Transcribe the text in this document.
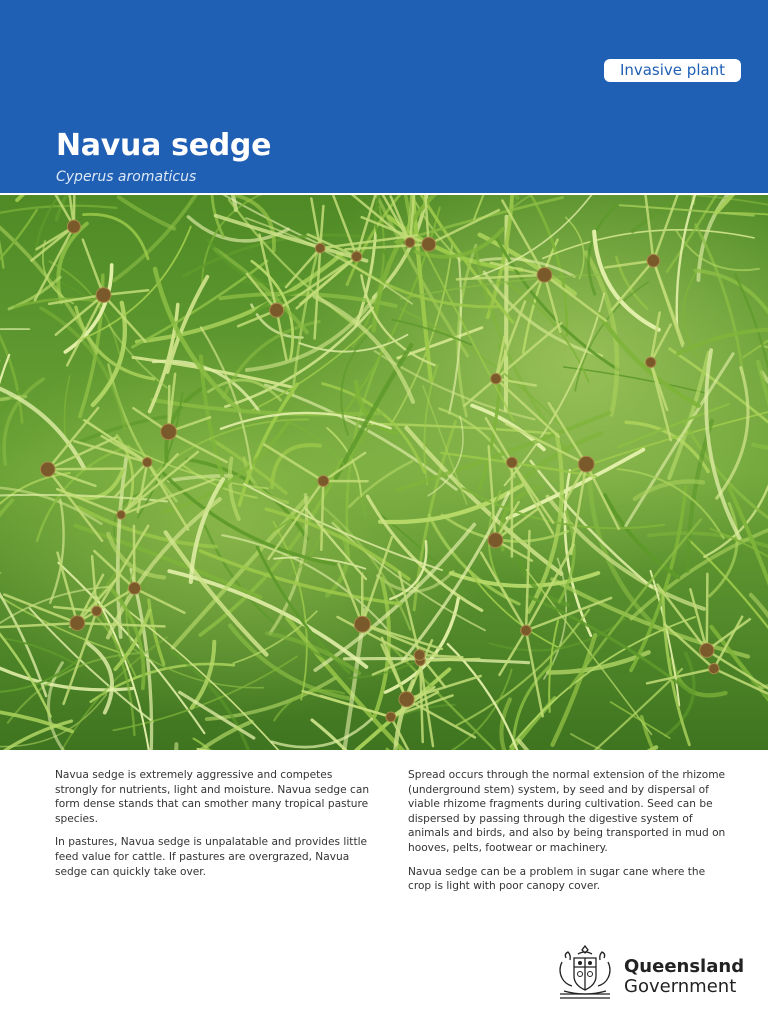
Invasive plant
Navua sedge
Cyperus aromaticus

Navua sedge is extremely aggressive and competes strongly for nutrients, light and moisture. Navua sedge can form dense stands that can smother many tropical pasture species.

In pastures, Navua sedge is unpalatable and provides little feed value for cattle. If pastures are overgrazed, Navua sedge can quickly take over.

Spread occurs through the normal extension of the rhizome (underground stem) system, by seed and by dispersal of viable rhizome fragments during cultivation. Seed can be dispersed by passing through the digestive system of animals and birds, and also by being transported in mud on hooves, pelts, footwear or machinery.

Navua sedge can be a problem in sugar cane where the crop is light with poor canopy cover.

Queensland
Government
